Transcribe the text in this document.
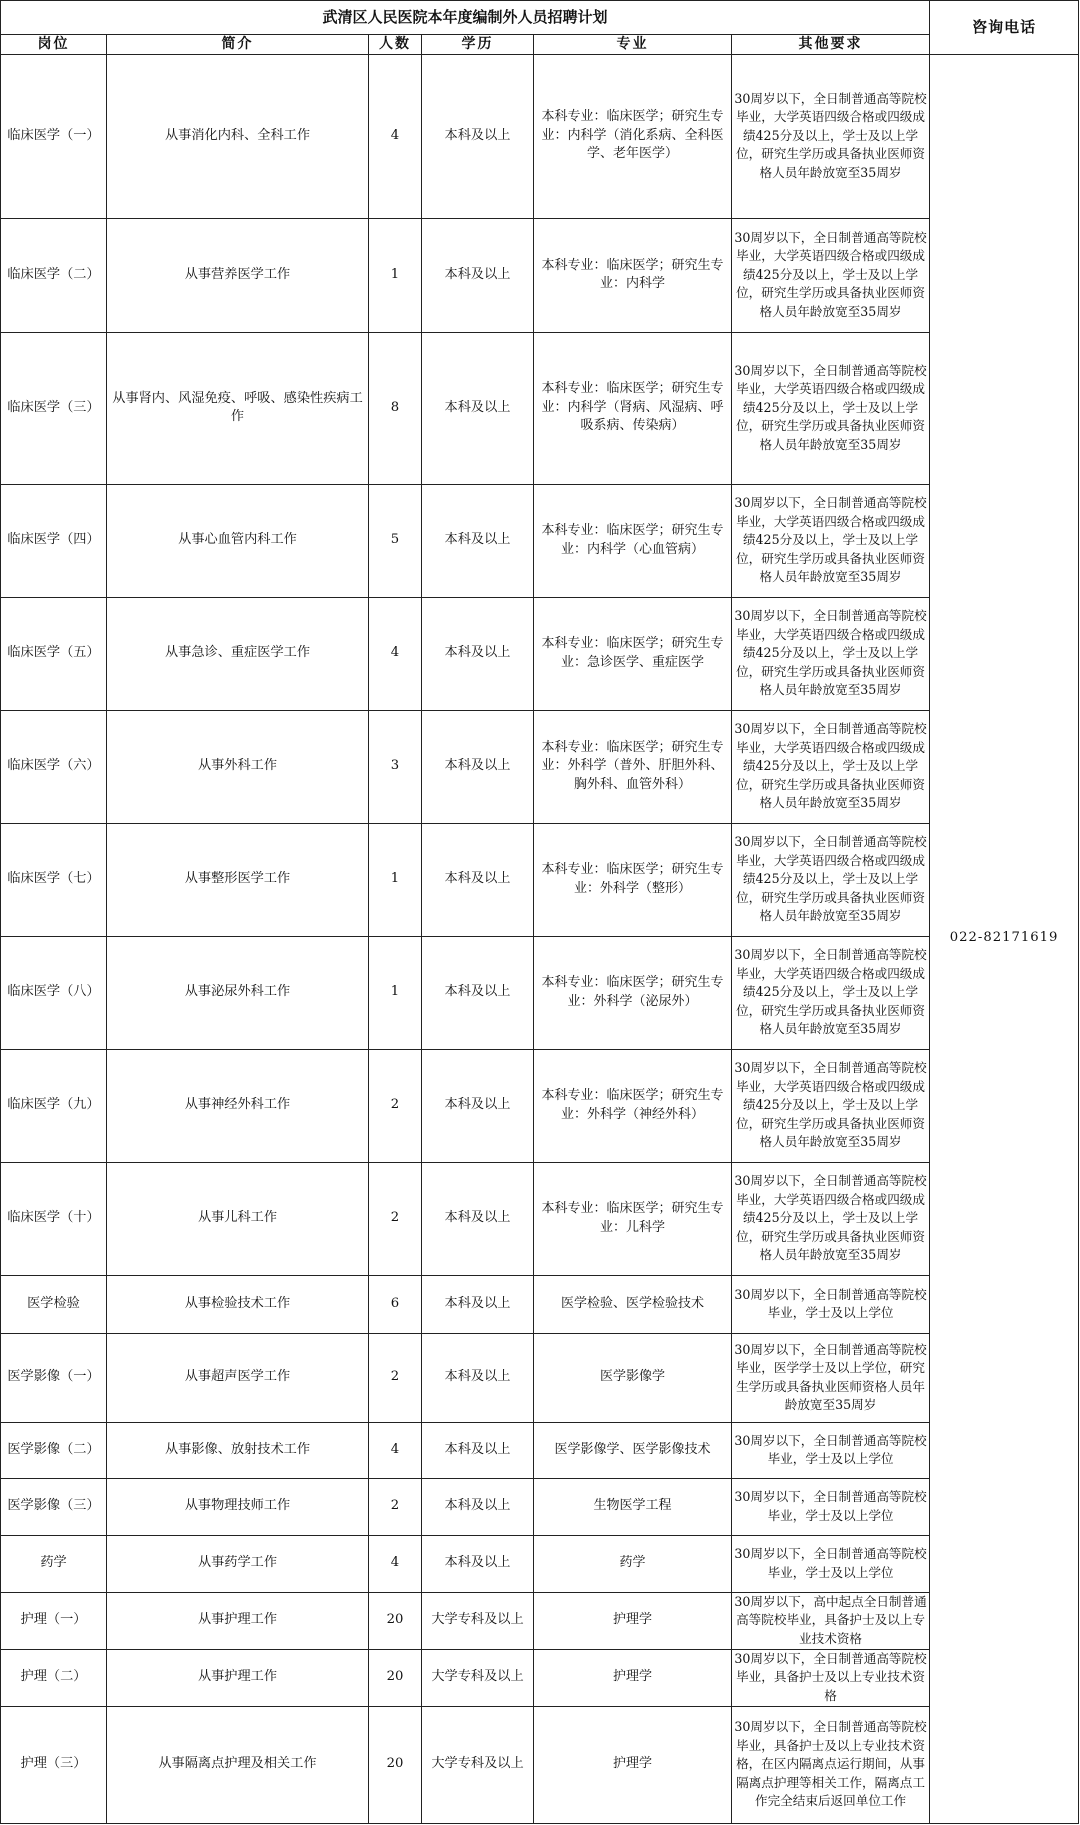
武清区人民医院本年度编制外人员招聘计划						咨询电话
岗位	简介	人数	学历	专业	其他要求	
临床医学（一）	从事消化内科、全科工作	4	本科及以上	本科专业：临床医学；研究生专业：内科学（消化系病、全科医学、老年医学）	30周岁以下，全日制普通高等院校毕业，大学英语四级合格或四级成绩425分及以上，学士及以上学位，研究生学历或具备执业医师资格人员年龄放宽至35周岁	022-82171619
临床医学（二）	从事营养医学工作	1	本科及以上	本科专业：临床医学；研究生专业：内科学	30周岁以下，全日制普通高等院校毕业，大学英语四级合格或四级成绩425分及以上，学士及以上学位，研究生学历或具备执业医师资格人员年龄放宽至35周岁	
临床医学（三）	从事肾内、风湿免疫、呼吸、感染性疾病工作	8	本科及以上	本科专业：临床医学；研究生专业：内科学（肾病、风湿病、呼吸系病、传染病）	30周岁以下，全日制普通高等院校毕业，大学英语四级合格或四级成绩425分及以上，学士及以上学位，研究生学历或具备执业医师资格人员年龄放宽至35周岁	
临床医学（四）	从事心血管内科工作	5	本科及以上	本科专业：临床医学；研究生专业：内科学（心血管病）	30周岁以下，全日制普通高等院校毕业，大学英语四级合格或四级成绩425分及以上，学士及以上学位，研究生学历或具备执业医师资格人员年龄放宽至35周岁	
临床医学（五）	从事急诊、重症医学工作	4	本科及以上	本科专业：临床医学；研究生专业：急诊医学、重症医学	30周岁以下，全日制普通高等院校毕业，大学英语四级合格或四级成绩425分及以上，学士及以上学位，研究生学历或具备执业医师资格人员年龄放宽至35周岁	
临床医学（六）	从事外科工作	3	本科及以上	本科专业：临床医学；研究生专业：外科学（普外、肝胆外科、胸外科、血管外科）	30周岁以下，全日制普通高等院校毕业，大学英语四级合格或四级成绩425分及以上，学士及以上学位，研究生学历或具备执业医师资格人员年龄放宽至35周岁	
临床医学（七）	从事整形医学工作	1	本科及以上	本科专业：临床医学；研究生专业：外科学（整形）	30周岁以下，全日制普通高等院校毕业，大学英语四级合格或四级成绩425分及以上，学士及以上学位，研究生学历或具备执业医师资格人员年龄放宽至35周岁	
临床医学（八）	从事泌尿外科工作	1	本科及以上	本科专业：临床医学；研究生专业：外科学（泌尿外）	30周岁以下，全日制普通高等院校毕业，大学英语四级合格或四级成绩425分及以上，学士及以上学位，研究生学历或具备执业医师资格人员年龄放宽至35周岁	
临床医学（九）	从事神经外科工作	2	本科及以上	本科专业：临床医学；研究生专业：外科学（神经外科）	30周岁以下，全日制普通高等院校毕业，大学英语四级合格或四级成绩425分及以上，学士及以上学位，研究生学历或具备执业医师资格人员年龄放宽至35周岁	
临床医学（十）	从事儿科工作	2	本科及以上	本科专业：临床医学；研究生专业：儿科学	30周岁以下，全日制普通高等院校毕业，大学英语四级合格或四级成绩425分及以上，学士及以上学位，研究生学历或具备执业医师资格人员年龄放宽至35周岁	
医学检验	从事检验技术工作	6	本科及以上	医学检验、医学检验技术	30周岁以下，全日制普通高等院校毕业，学士及以上学位	
医学影像（一）	从事超声医学工作	2	本科及以上	医学影像学	30周岁以下，全日制普通高等院校毕业，医学学士及以上学位，研究生学历或具备执业医师资格人员年龄放宽至35周岁	
医学影像（二）	从事影像、放射技术工作	4	本科及以上	医学影像学、医学影像技术	30周岁以下，全日制普通高等院校毕业，学士及以上学位	
医学影像（三）	从事物理技师工作	2	本科及以上	生物医学工程	30周岁以下，全日制普通高等院校毕业，学士及以上学位	
药学	从事药学工作	4	本科及以上	药学	30周岁以下，全日制普通高等院校毕业，学士及以上学位	
护理（一）	从事护理工作	20	大学专科及以上	护理学	30周岁以下，高中起点全日制普通高等院校毕业，具备护士及以上专业技术资格	
护理（二）	从事护理工作	20	大学专科及以上	护理学	30周岁以下，全日制普通高等院校毕业，具备护士及以上专业技术资格	
护理（三）	从事隔离点护理及相关工作	20	大学专科及以上	护理学	30周岁以下，全日制普通高等院校毕业，具备护士及以上专业技术资格，在区内隔离点运行期间，从事隔离点护理等相关工作，隔离点工作完全结束后返回单位工作	
